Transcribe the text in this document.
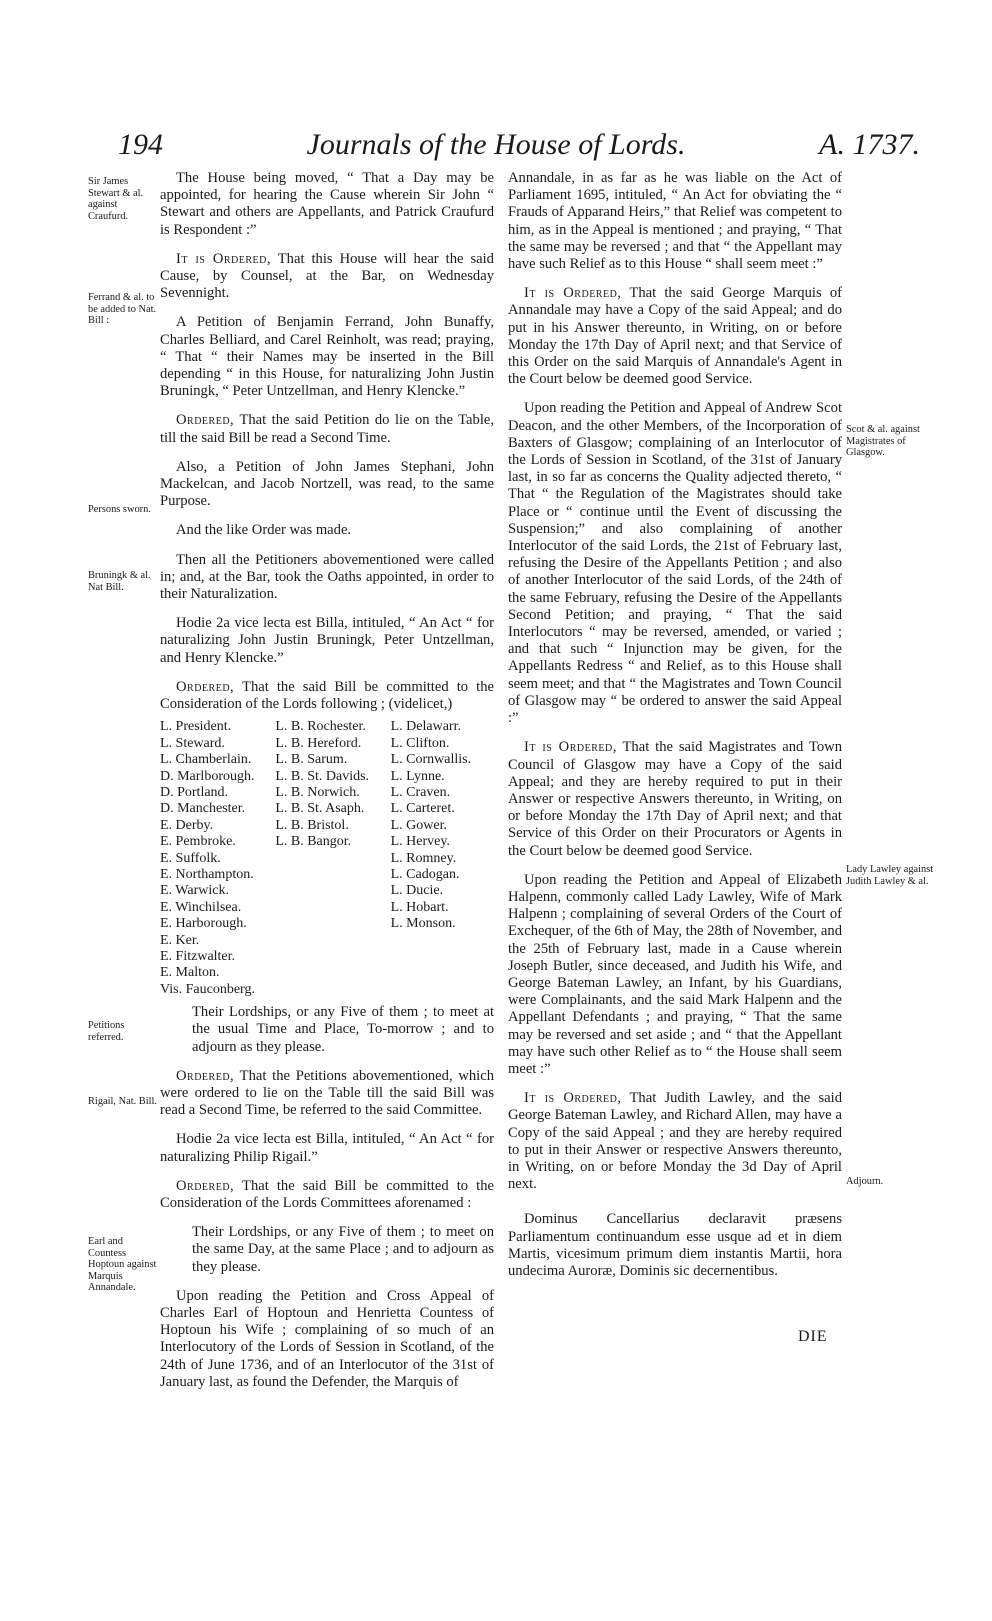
194	Journals of the House of Lords.	A. 1737.
Sir James Stewart & al. against Craufurd.
Ferrand & al. to be added to Nat. Bill :
Persons sworn.
Bruningk & al. Nat Bill.
Petitions referred.
Rigail, Nat. Bill.
Earl and Countess Hoptoun against Marquis Annandale.
Scot & al. against Magistrates of Glasgow.
Lady Lawley against Judith Lawley & al.
Adjourn.

The House being moved, “ That a Day may be appointed, for hearing the Cause wherein Sir John “ Stewart and others are Appellants, and Patrick Craufurd is Respondent :”

It is Ordered, That this House will hear the said Cause, by Counsel, at the Bar, on Wednesday Sevennight.

A Petition of Benjamin Ferrand, John Bunaffy, Charles Belliard, and Carel Reinholt, was read; praying, “ That “ their Names may be inserted in the Bill depending “ in this House, for naturalizing John Justin Bruningk, “ Peter Untzellman, and Henry Klencke.”

Ordered, That the said Petition do lie on the Table, till the said Bill be read a Second Time.

Also, a Petition of John James Stephani, John Mackelcan, and Jacob Nortzell, was read, to the same Purpose.

And the like Order was made.

Then all the Petitioners abovementioned were called in; and, at the Bar, took the Oaths appointed, in order to their Naturalization.

Hodie 2a vice lecta est Billa, intituled, “ An Act “ for naturalizing John Justin Bruningk, Peter Untzellman, and Henry Klencke.”

Ordered, That the said Bill be committed to the Consideration of the Lords following ; (videlicet,)

L. President.
L. Steward.
L. Chamberlain.
D. Marlborough.
D. Portland.
D. Manchester.
E. Derby.
E. Pembroke.
E. Suffolk.
E. Northampton.
E. Warwick.
E. Winchilsea.
E. Harborough.
E. Ker.
E. Fitzwalter.
E. Malton.
Vis. Fauconberg.
L. B. Rochester.
L. B. Hereford.
L. B. Sarum.
L. B. St. Davids.
L. B. Norwich.
L. B. St. Asaph.
L. B. Bristol.
L. B. Bangor.
L. Delawarr.
L. Clifton.
L. Cornwallis.
L. Lynne.
L. Craven.
L. Carteret.
L. Gower.
L. Hervey.
L. Romney.
L. Cadogan.
L. Ducie.
L. Hobart.
L. Monson.

Their Lordships, or any Five of them ; to meet at the usual Time and Place, To-morrow ; and to adjourn as they please.

Ordered, That the Petitions abovementioned, which were ordered to lie on the Table till the said Bill was read a Second Time, be referred to the said Committee.

Hodie 2a vice lecta est Billa, intituled, “ An Act “ for naturalizing Philip Rigail.”

Ordered, That the said Bill be committed to the Consideration of the Lords Committees aforenamed :

Their Lordships, or any Five of them ; to meet on the same Day, at the same Place ; and to adjourn as they please.

Upon reading the Petition and Cross Appeal of Charles Earl of Hoptoun and Henrietta Countess of Hoptoun his Wife ; complaining of so much of an Interlocutory of the Lords of Session in Scotland, of the 24th of June 1736, and of an Interlocutor of the 31st of January last, as found the Defender, the Marquis of

Annandale, in as far as he was liable on the Act of Parliament 1695, intituled, “ An Act for obviating the “ Frauds of Apparand Heirs,” that Relief was competent to him, as in the Appeal is mentioned ; and praying, “ That the same may be reversed ; and that “ the Appellant may have such Relief as to this House “ shall seem meet :”

It is Ordered, That the said George Marquis of Annandale may have a Copy of the said Appeal; and do put in his Answer thereunto, in Writing, on or before Monday the 17th Day of April next; and that Service of this Order on the said Marquis of Annandale's Agent in the Court below be deemed good Service.

Upon reading the Petition and Appeal of Andrew Scot Deacon, and the other Members, of the Incorporation of Baxters of Glasgow; complaining of an Interlocutor of the Lords of Session in Scotland, of the 31st of January last, in so far as concerns the Quality adjected thereto, “ That “ the Regulation of the Magistrates should take Place or “ continue until the Event of discussing the Suspension;” and also complaining of another Interlocutor of the said Lords, the 21st of February last, refusing the Desire of the Appellants Petition ; and also of another Interlocutor of the said Lords, of the 24th of the same February, refusing the Desire of the Appellants Second Petition; and praying, “ That the said Interlocutors “ may be reversed, amended, or varied ; and that such “ Injunction may be given, for the Appellants Redress “ and Relief, as to this House shall seem meet; and that “ the Magistrates and Town Council of Glasgow may “ be ordered to answer the said Appeal :”

It is Ordered, That the said Magistrates and Town Council of Glasgow may have a Copy of the said Appeal; and they are hereby required to put in their Answer or respective Answers thereunto, in Writing, on or before Monday the 17th Day of April next; and that Service of this Order on their Procurators or Agents in the Court below be deemed good Service.

Upon reading the Petition and Appeal of Elizabeth Halpenn, commonly called Lady Lawley, Wife of Mark Halpenn ; complaining of several Orders of the Court of Exchequer, of the 6th of May, the 28th of November, and the 25th of February last, made in a Cause wherein Joseph Butler, since deceased, and Judith his Wife, and George Bateman Lawley, an Infant, by his Guardians, were Complainants, and the said Mark Halpenn and the Appellant Defendants ; and praying, “ That the same may be reversed and set aside ; and “ that the Appellant may have such other Relief as to “ the House shall seem meet :”

It is Ordered, That Judith Lawley, and the said George Bateman Lawley, and Richard Allen, may have a Copy of the said Appeal ; and they are hereby required to put in their Answer or respective Answers thereunto, in Writing, on or before Monday the 3d Day of April next.

Dominus Cancellarius declaravit præsens Parliamentum continuandum esse usque ad et in diem Martis, vicesimum primum diem instantis Martii, hora undecima Auroræ, Dominis sic decernentibus.

DIE
